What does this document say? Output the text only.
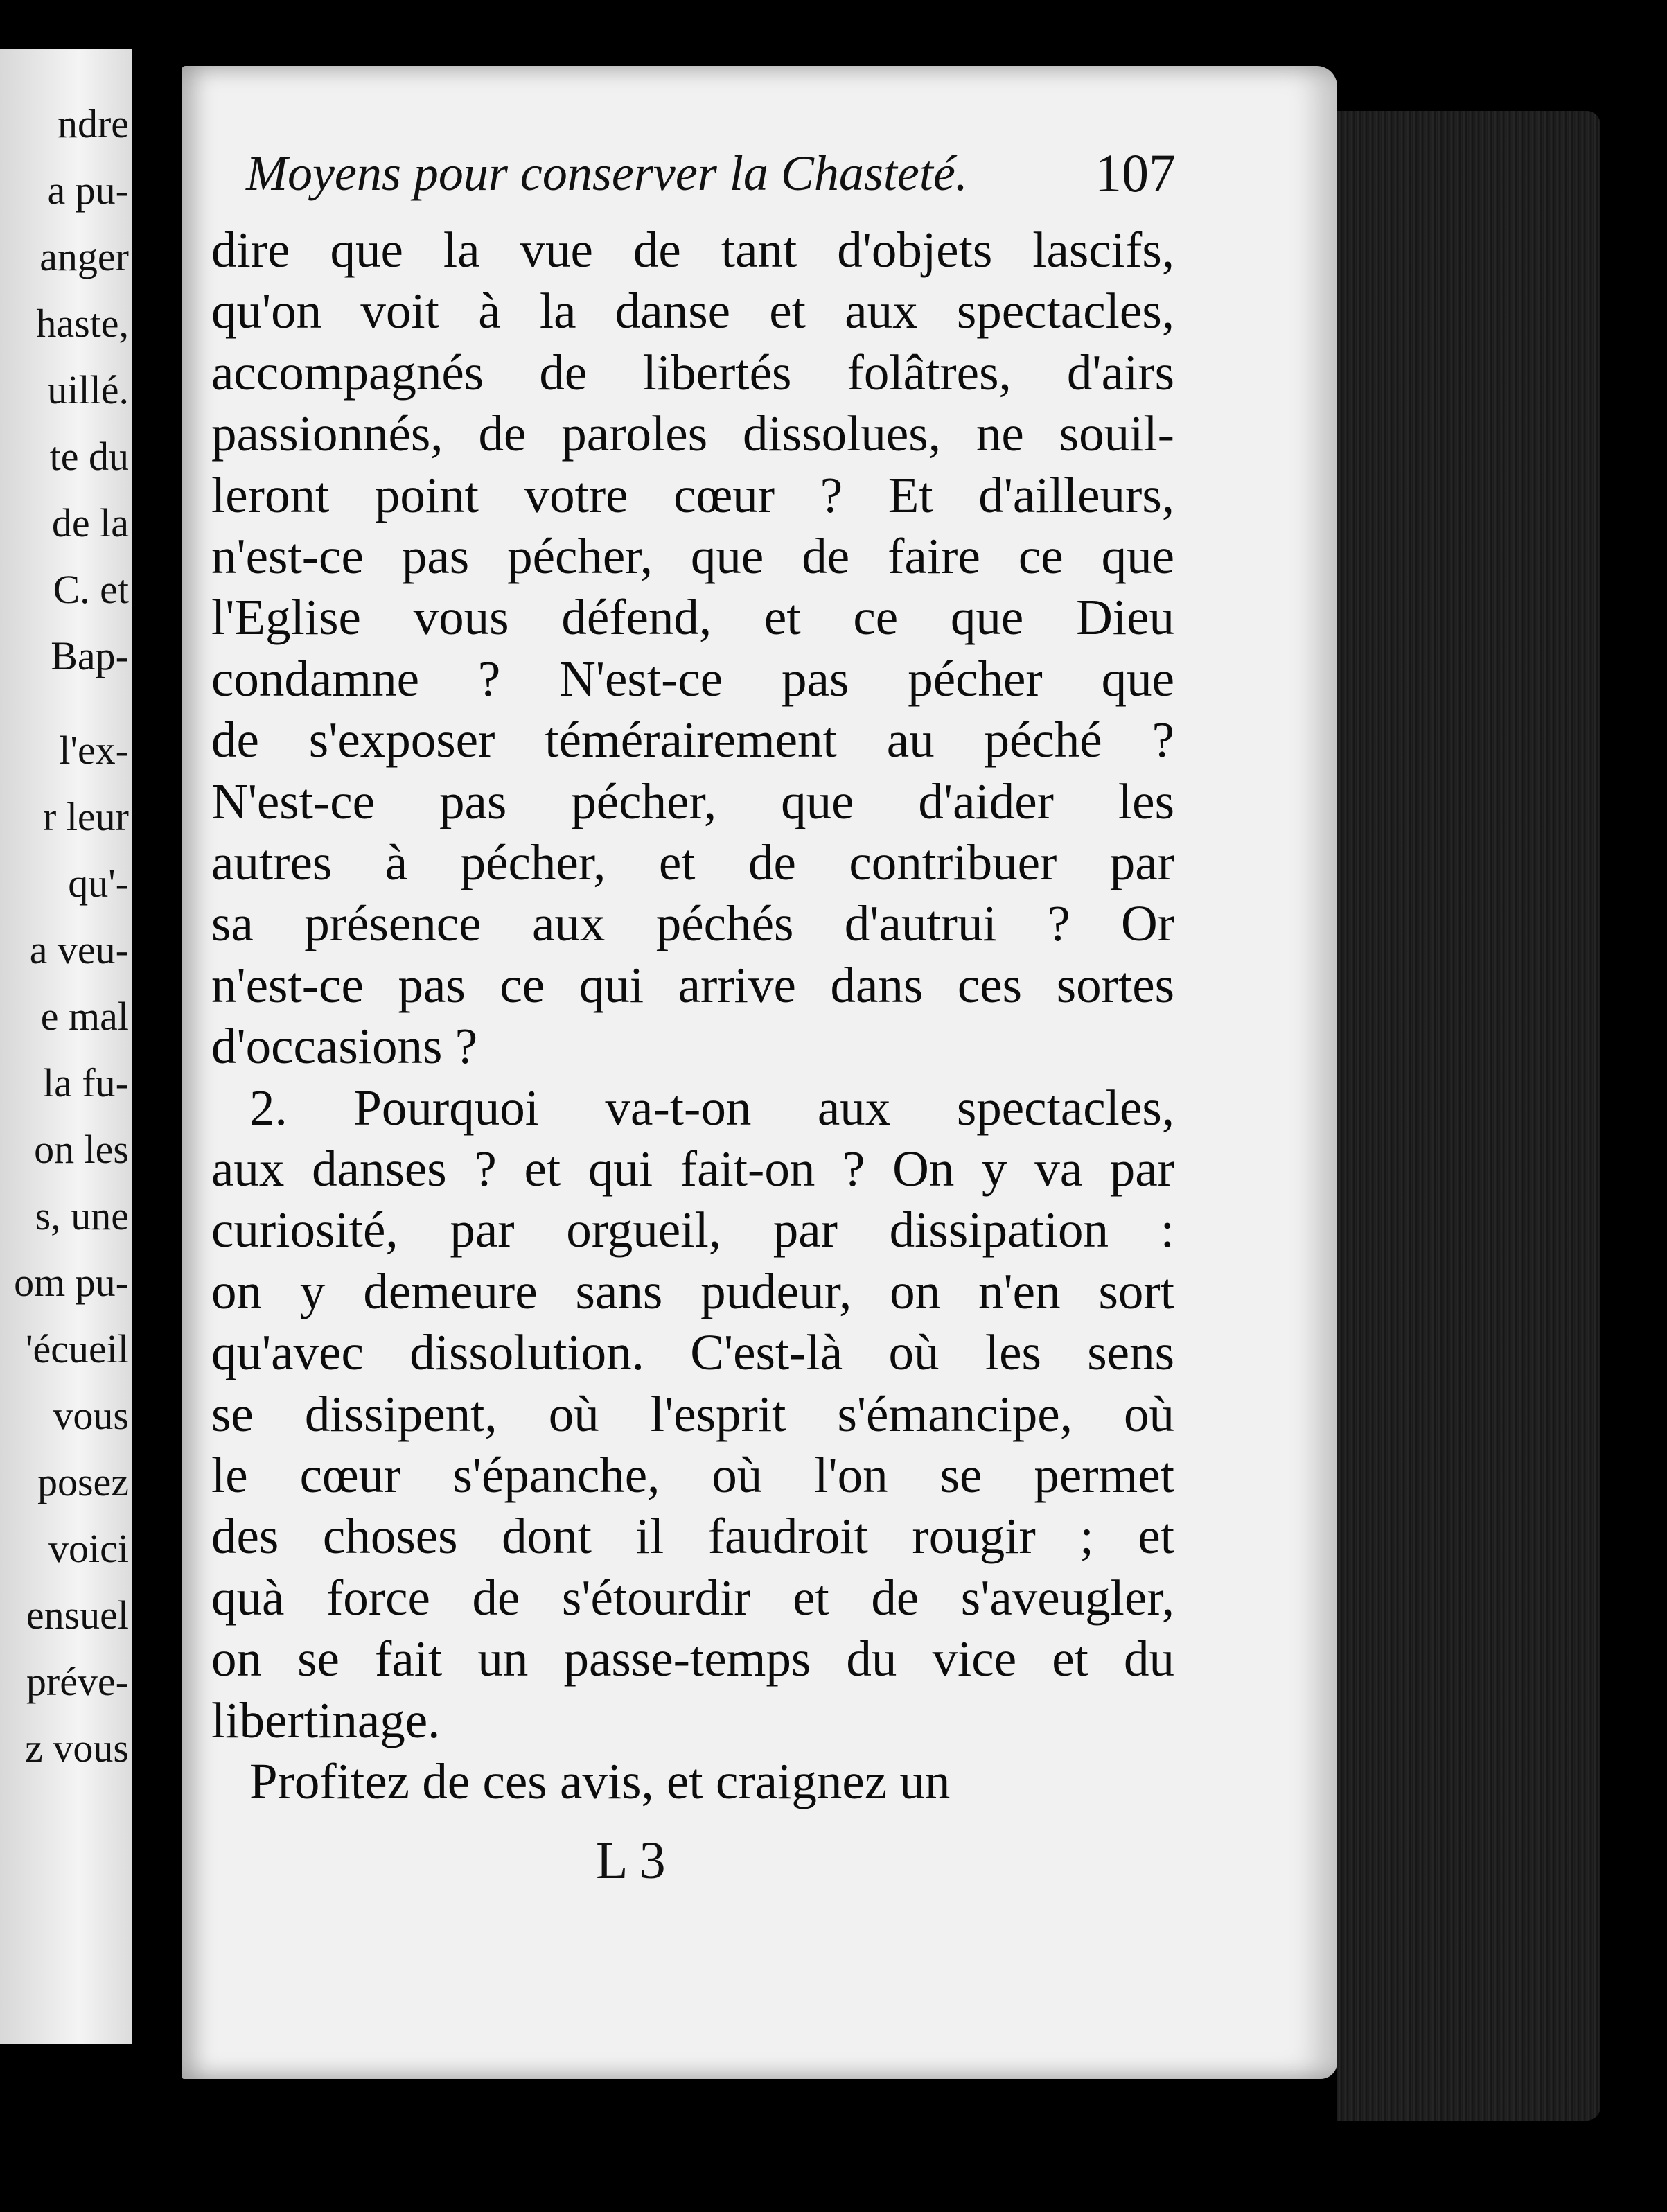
ndre
a pu-
anger
haste,
uillé.
te du
de la
C. et
Bap-
l'ex-
r leur
qu'-
a veu-
e mal
la fu-
on les
s, une
om pu-
'écueil
vous
posez
voici
ensuel
préve-
z vous
Moyens pour conserver la Chasteté.	107
dire que la vue de tant d'objets lascifs,
qu'on voit à la danse et aux spectacles,
accompagnés de libertés folâtres, d'airs
passionnés, de paroles dissolues, ne souil-
leront point votre cœur ? Et d'ailleurs,
n'est-ce pas pécher, que de faire ce que
l'Eglise vous défend, et ce que Dieu
condamne ? N'est-ce pas pécher que
de s'exposer témérairement au péché ?
N'est-ce pas pécher, que d'aider les
autres à pécher, et de contribuer par
sa présence aux péchés d'autrui ? Or
n'est-ce pas ce qui arrive dans ces sortes
d'occasions ?
2. Pourquoi va-t-on aux spectacles,
aux danses ? et qui fait-on ? On y va par
curiosité, par orgueil, par dissipation :
on y demeure sans pudeur, on n'en sort
qu'avec dissolution. C'est-là où les sens
se dissipent, où l'esprit s'émancipe, où
le cœur s'épanche, où l'on se permet
des choses dont il faudroit rougir ; et
quà force de s'étourdir et de s'aveugler,
on se fait un passe-temps du vice et du
libertinage.
Profitez de ces avis, et craignez un
L 3
